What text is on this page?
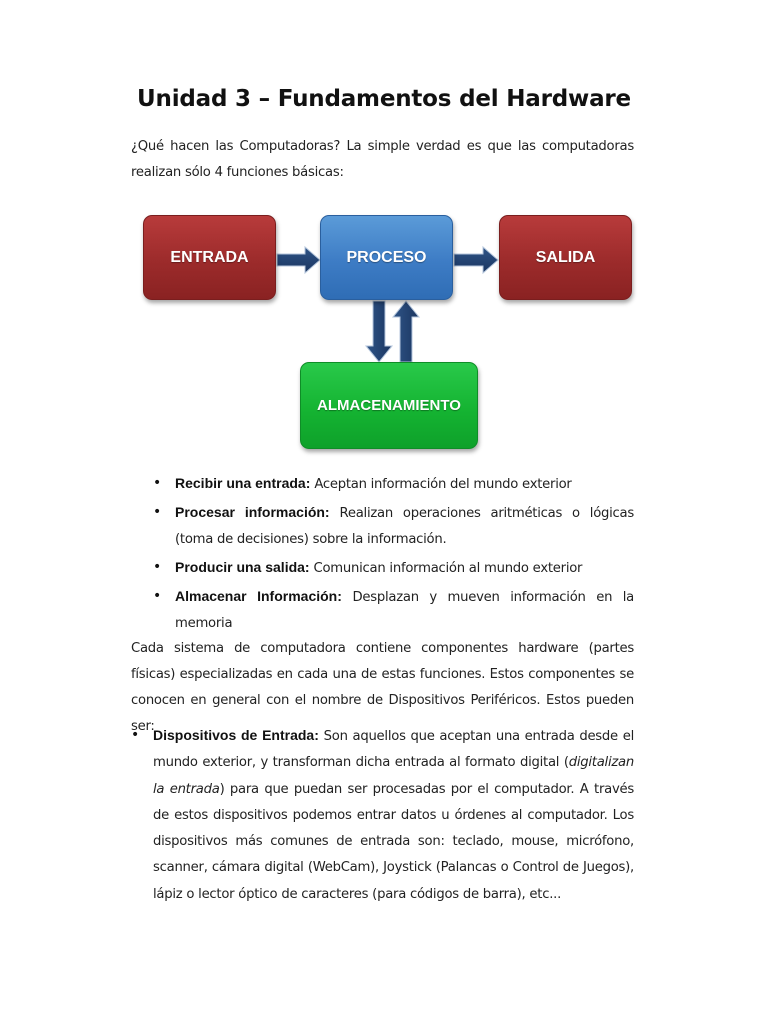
Unidad 3 – Fundamentos del Hardware
¿Qué hacen las Computadoras? La simple verdad es que las computadoras realizan sólo 4 funciones básicas:
ENTRADA	PROCESO	SALIDA
ALMACENAMIENTO
• Recibir una entrada: Aceptan información del mundo exterior
• Procesar información: Realizan operaciones aritméticas o lógicas (toma de decisiones) sobre la información.
• Producir una salida: Comunican información al mundo exterior
• Almacenar Información: Desplazan y mueven información en la memoria
Cada sistema de computadora contiene componentes hardware (partes físicas) especializadas en cada una de estas funciones. Estos componentes se conocen en general con el nombre de Dispositivos Periféricos. Estos pueden ser:
• Dispositivos de Entrada: Son aquellos que aceptan una entrada desde el mundo exterior, y transforman dicha entrada al formato digital (digitalizan la entrada) para que puedan ser procesadas por el computador. A través de estos dispositivos podemos entrar datos u órdenes al computador. Los dispositivos más comunes de entrada son: teclado, mouse, micrófono, scanner, cámara digital (WebCam), Joystick (Palancas o Control de Juegos), lápiz o lector óptico de caracteres (para códigos de barra), etc...
